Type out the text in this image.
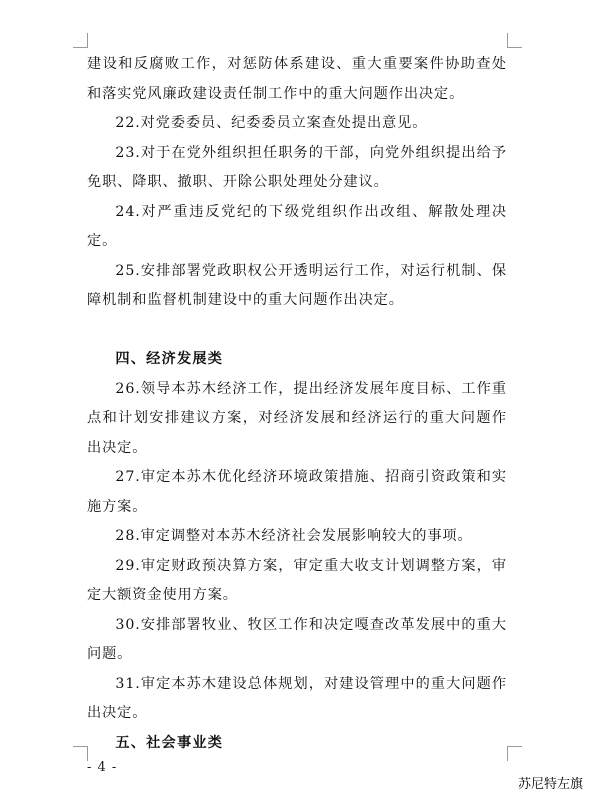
建设和反腐败工作，对惩防体系建设、重大重要案件协助查处和落实党风廉政建设责任制工作中的重大问题作出决定。

22.对党委委员、纪委委员立案查处提出意见。

23.对于在党外组织担任职务的干部，向党外组织提出给予免职、降职、撤职、开除公职处理处分建议。

24.对严重违反党纪的下级党组织作出改组、解散处理决定。

25.安排部署党政职权公开透明运行工作，对运行机制、保障机制和监督机制建设中的重大问题作出决定。

四、经济发展类

26.领导本苏木经济工作，提出经济发展年度目标、工作重点和计划安排建议方案，对经济发展和经济运行的重大问题作出决定。

27.审定本苏木优化经济环境政策措施、招商引资政策和实施方案。

28.审定调整对本苏木经济社会发展影响较大的事项。

29.审定财政预决算方案，审定重大收支计划调整方案，审定大额资金使用方案。

30.安排部署牧业、牧区工作和决定嘎查改革发展中的重大问题。

31.审定本苏木建设总体规划，对建设管理中的重大问题作出决定。

五、社会事业类

- 4 -
苏尼特左旗
